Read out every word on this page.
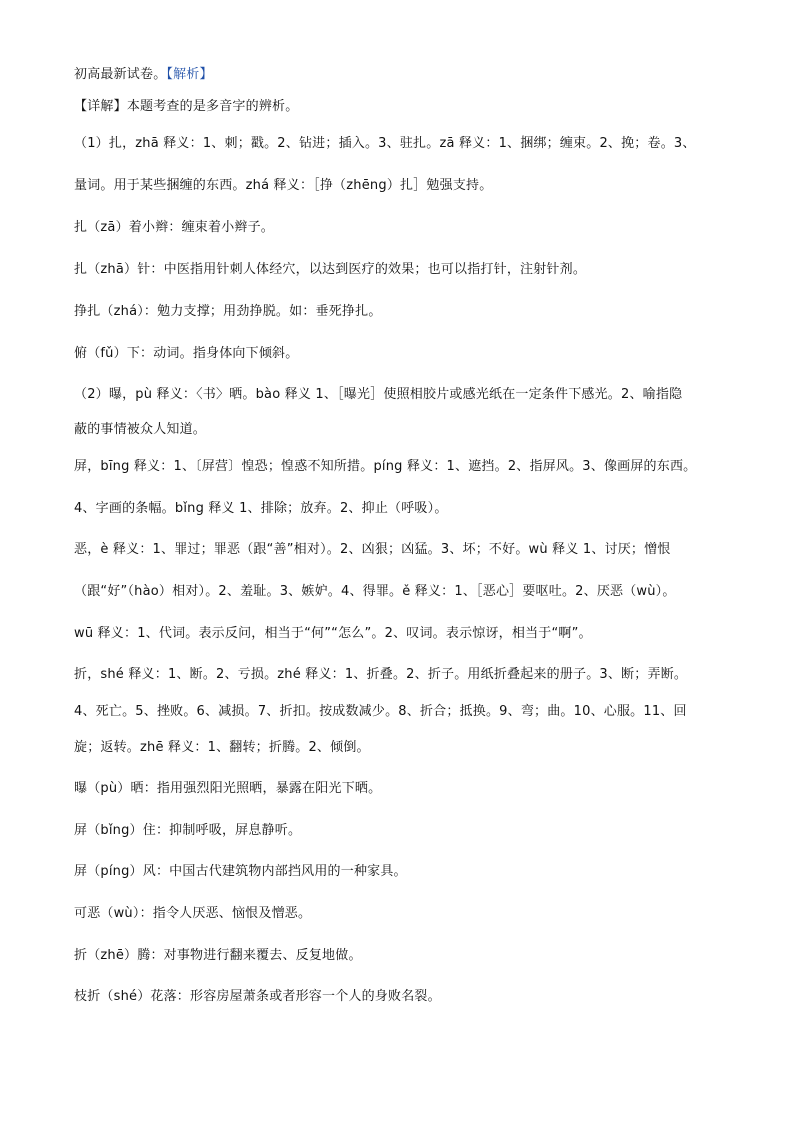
初高最新试卷。【解析】
【详解】本题考查的是多音字的辨析。
（1）扎，zhā 释义：1、刺；戳。2、钻进；插入。3、驻扎。zā 释义：1、捆绑；缠束。2、挽；卷。3、
量词。用于某些捆缠的东西。zhá 释义：［挣（zhēng）扎］勉强支持。
扎（zā）着小辫：缠束着小辫子。
扎（zhā）针：中医指用针刺人体经穴，以达到医疗的效果；也可以指打针，注射针剂。
挣扎（zhá）：勉力支撑；用劲挣脱。如：垂死挣扎。
俯（fǔ）下：动词。指身体向下倾斜。
（2）曝，pù 释义：〈书〉晒。bào 释义 1、［曝光］使照相胶片或感光纸在一定条件下感光。2、喻指隐
蔽的事情被众人知道。
屏，bīng 释义：1、〔屏营〕惶恐；惶惑不知所措。píng 释义：1、遮挡。2、指屏风。3、像画屏的东西。
4、字画的条幅。bǐng 释义 1、排除；放弃。2、抑止（呼吸）。
恶，è 释义：1、罪过；罪恶（跟“善”相对）。2、凶狠；凶猛。3、坏；不好。wù 释义 1、讨厌；憎恨
（跟“好”（hào）相对）。2、羞耻。3、嫉妒。4、得罪。ě 释义：1、［恶心］要呕吐。2、厌恶（wù）。
wū 释义：1、代词。表示反问，相当于“何”“怎么”。2、叹词。表示惊讶，相当于“啊”。
折，shé 释义：1、断。2、亏损。zhé 释义：1、折叠。2、折子。用纸折叠起来的册子。3、断；弄断。
4、死亡。5、挫败。6、减损。7、折扣。按成数减少。8、折合；抵换。9、弯；曲。10、心服。11、回
旋；返转。zhē 释义：1、翻转；折腾。2、倾倒。
曝（pù）晒：指用强烈阳光照晒，暴露在阳光下晒。
屏（bǐng）住：抑制呼吸，屏息静听。
屏（píng）风：中国古代建筑物内部挡风用的一种家具。
可恶（wù）：指令人厌恶、恼恨及憎恶。
折（zhē）腾：对事物进行翻来覆去、反复地做。
枝折（shé）花落：形容房屋萧条或者形容一个人的身败名裂。
